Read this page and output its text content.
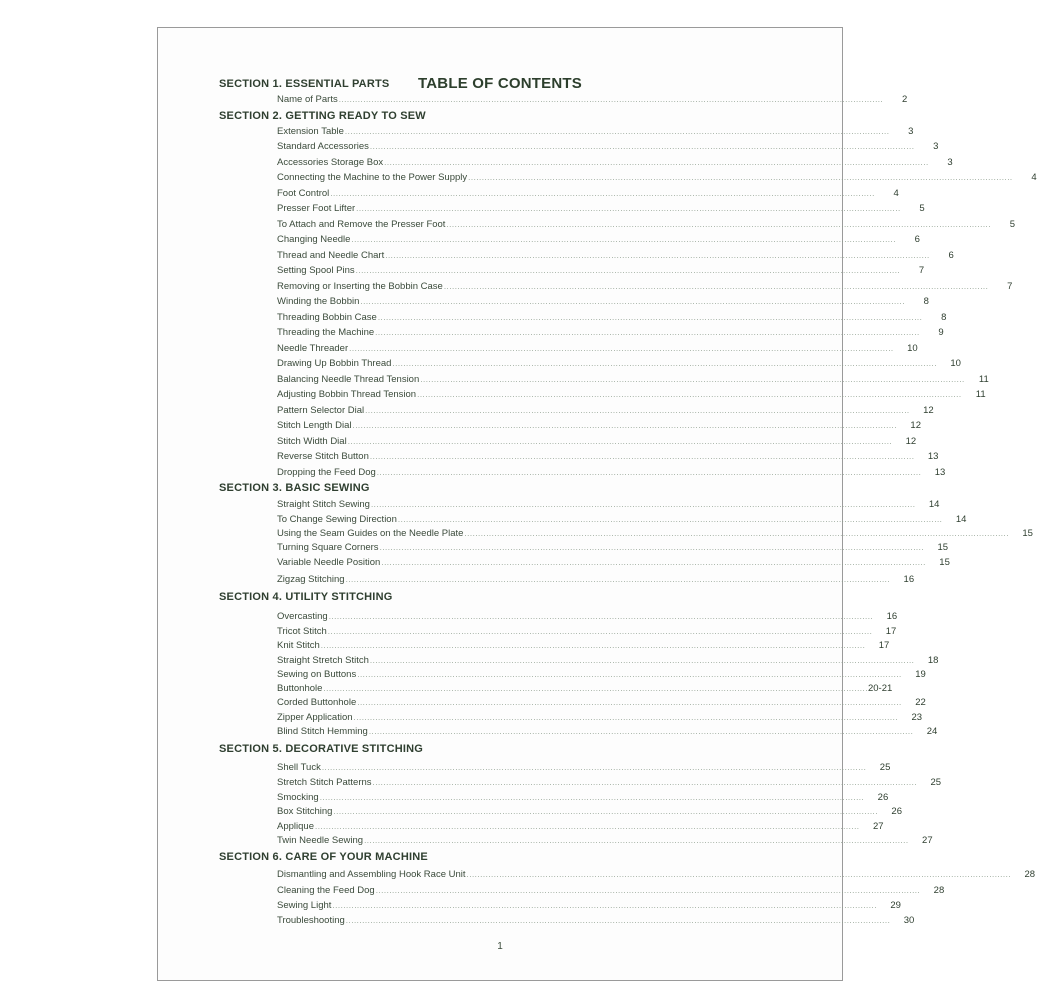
TABLE OF CONTENTS
SECTION 1. ESSENTIAL PARTS
Name of Parts ........................................................................................................................................................................................................	2
SECTION 2. GETTING READY TO SEW
Extension Table ........................................................................................................................................................................................................	3
Standard Accessories ........................................................................................................................................................................................................	3
Accessories Storage Box ........................................................................................................................................................................................................	3
Connecting the Machine to the Power Supply ........................................................................................................................................................................................................	4
Foot Control ........................................................................................................................................................................................................	4
Presser Foot Lifter ........................................................................................................................................................................................................	5
To Attach and Remove the Presser Foot ........................................................................................................................................................................................................	5
Changing Needle ........................................................................................................................................................................................................	6
Thread and Needle Chart ........................................................................................................................................................................................................	6
Setting Spool Pins ........................................................................................................................................................................................................	7
Removing or Inserting the Bobbin Case ........................................................................................................................................................................................................	7
Winding the Bobbin ........................................................................................................................................................................................................	8
Threading Bobbin Case ........................................................................................................................................................................................................	8
Threading the Machine ........................................................................................................................................................................................................	9
Needle Threader ........................................................................................................................................................................................................	10
Drawing Up Bobbin Thread ........................................................................................................................................................................................................	10
Balancing Needle Thread Tension ........................................................................................................................................................................................................	11
Adjusting Bobbin Thread Tension ........................................................................................................................................................................................................	11
Pattern Selector Dial ........................................................................................................................................................................................................	12
Stitch Length Dial ........................................................................................................................................................................................................	12
Stitch Width Dial ........................................................................................................................................................................................................	12
Reverse Stitch Button ........................................................................................................................................................................................................	13
Dropping the Feed Dog ........................................................................................................................................................................................................	13
SECTION 3. BASIC SEWING
Straight Stitch Sewing ........................................................................................................................................................................................................	14
To Change Sewing Direction ........................................................................................................................................................................................................	14
Using the Seam Guides on the Needle Plate ........................................................................................................................................................................................................	15
Turning Square Corners ........................................................................................................................................................................................................	15
Variable Needle Position ........................................................................................................................................................................................................	15
Zigzag Stitching ........................................................................................................................................................................................................	16
SECTION 4. UTILITY STITCHING
Overcasting ........................................................................................................................................................................................................	16
Tricot Stitch ........................................................................................................................................................................................................	17
Knit Stitch ........................................................................................................................................................................................................	17
Straight Stretch Stitch ........................................................................................................................................................................................................	18
Sewing on Buttons ........................................................................................................................................................................................................	19
Buttonhole ........................................................................................................................................................................................................ 20-21
Corded Buttonhole ........................................................................................................................................................................................................	22
Zipper Application ........................................................................................................................................................................................................	23
Blind Stitch Hemming ........................................................................................................................................................................................................	24
SECTION 5. DECORATIVE STITCHING
Shell Tuck ........................................................................................................................................................................................................	25
Stretch Stitch Patterns ........................................................................................................................................................................................................	25
Smocking ........................................................................................................................................................................................................	26
Box Stitching ........................................................................................................................................................................................................	26
Applique ........................................................................................................................................................................................................	27
Twin Needle Sewing ........................................................................................................................................................................................................	27
SECTION 6. CARE OF YOUR MACHINE
Dismantling and Assembling Hook Race Unit ........................................................................................................................................................................................................	28
Cleaning the Feed Dog ........................................................................................................................................................................................................	28
Sewing Light ........................................................................................................................................................................................................	29
Troubleshooting ........................................................................................................................................................................................................	30
1
